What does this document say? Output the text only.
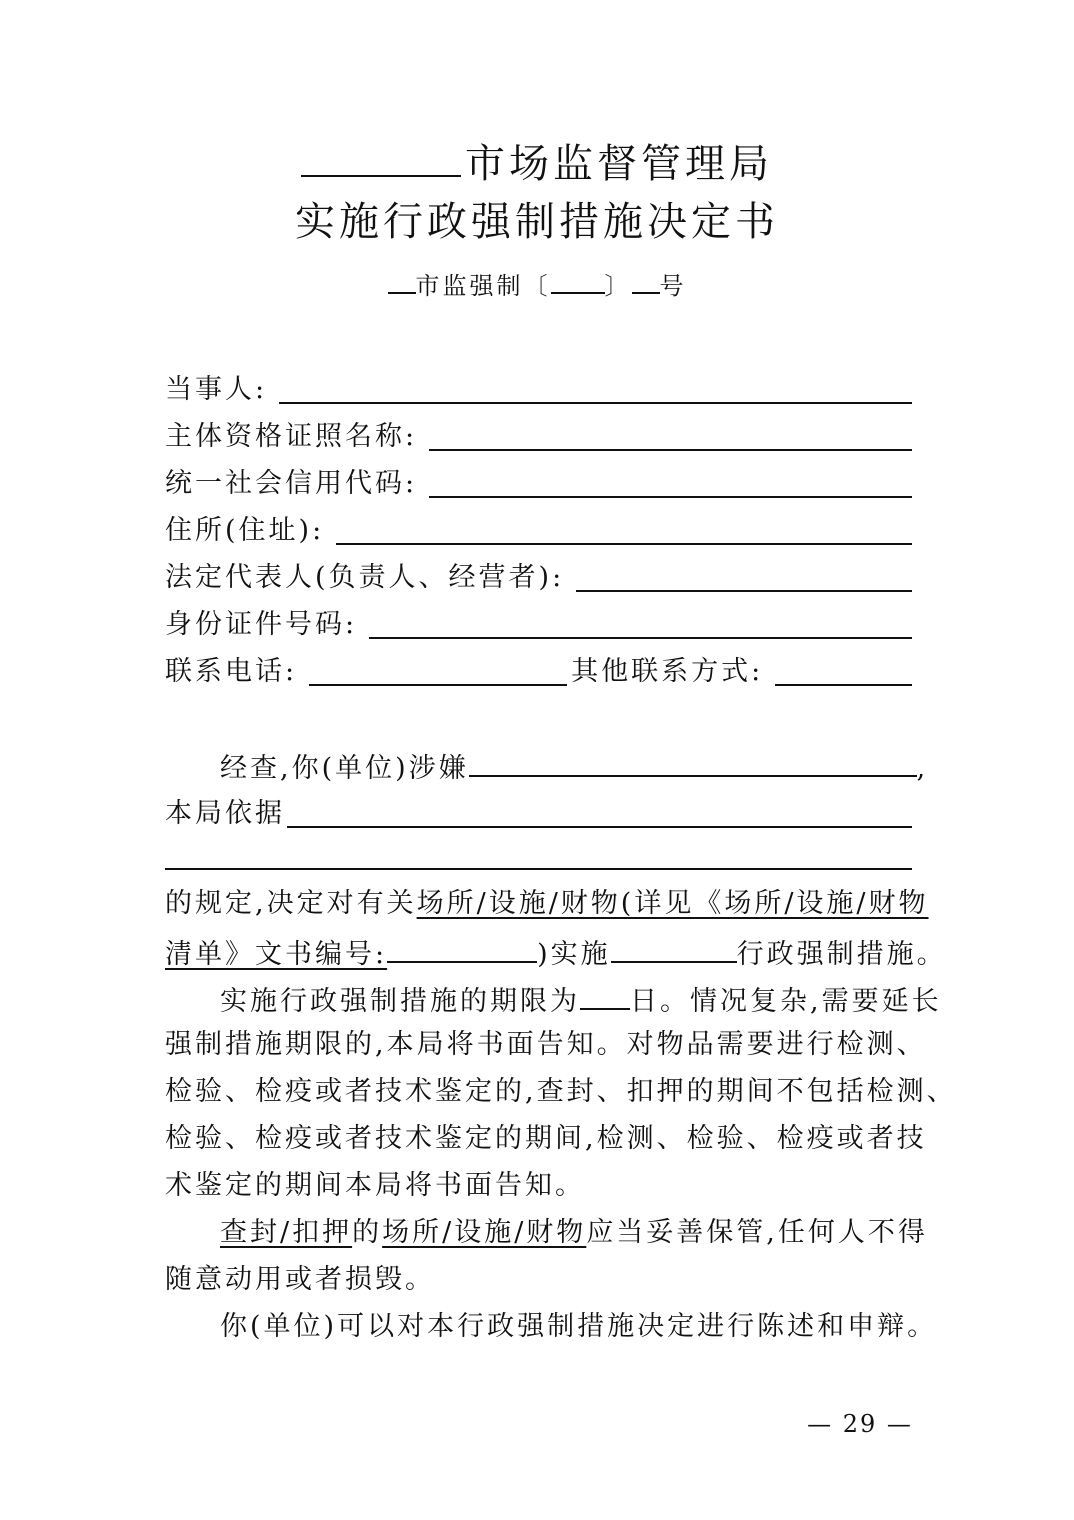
市场监督管理局
实施行政强制措施决定书
市监强制〔 〕 号
当事人:
主体资格证照名称:
统一社会信用代码:
住所(住址):
法定代表人(负责人、经营者):
身份证件号码:
联系电话:	其他联系方式:
经查,你(单位)涉嫌	,
本局依据
的规定,决定对有关场所/设施/财物(详见《场所/设施/财物
清单》文书编号:	)实施	行政强制措施。
实施行政强制措施的期限为 日。情况复杂,需要延长
强制措施期限的,本局将书面告知。对物品需要进行检测、
检验、检疫或者技术鉴定的,查封、扣押的期间不包括检测、
检验、检疫或者技术鉴定的期间,检测、检验、检疫或者技
术鉴定的期间本局将书面告知。
查封/扣押的场所/设施/财物应当妥善保管,任何人不得
随意动用或者损毁。
你(单位)可以对本行政强制措施决定进行陈述和申辩。
— 29 —
